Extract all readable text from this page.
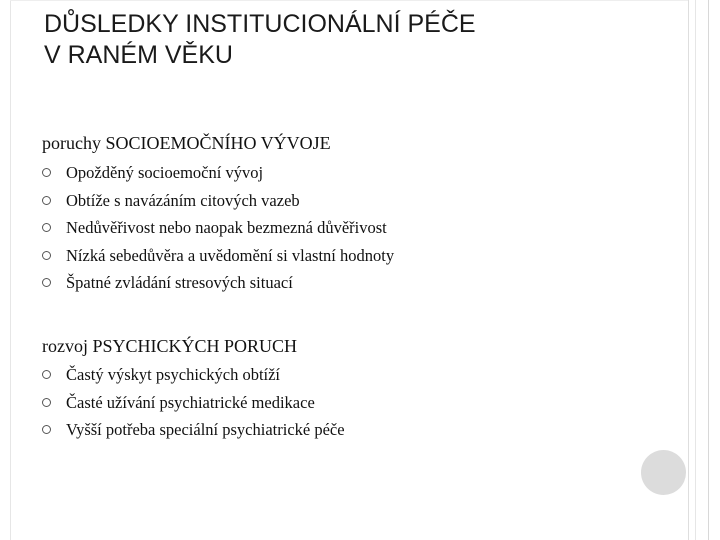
DŮSLEDKY INSTITUCIONÁLNÍ PÉČE
V RANÉM VĚKU
poruchy SOCIOEMOČNÍHO VÝVOJE
Opožděný socioemoční vývoj
Obtíže s navázáním citových vazeb
Nedůvěřivost nebo naopak bezmezná důvěřivost
Nízká sebedůvěra a uvědomění si vlastní hodnoty
Špatné zvládání stresových situací
rozvoj PSYCHICKÝCH PORUCH
Častý výskyt psychických obtíží
Časté užívání psychiatrické medikace
Vyšší potřeba speciální psychiatrické péče
